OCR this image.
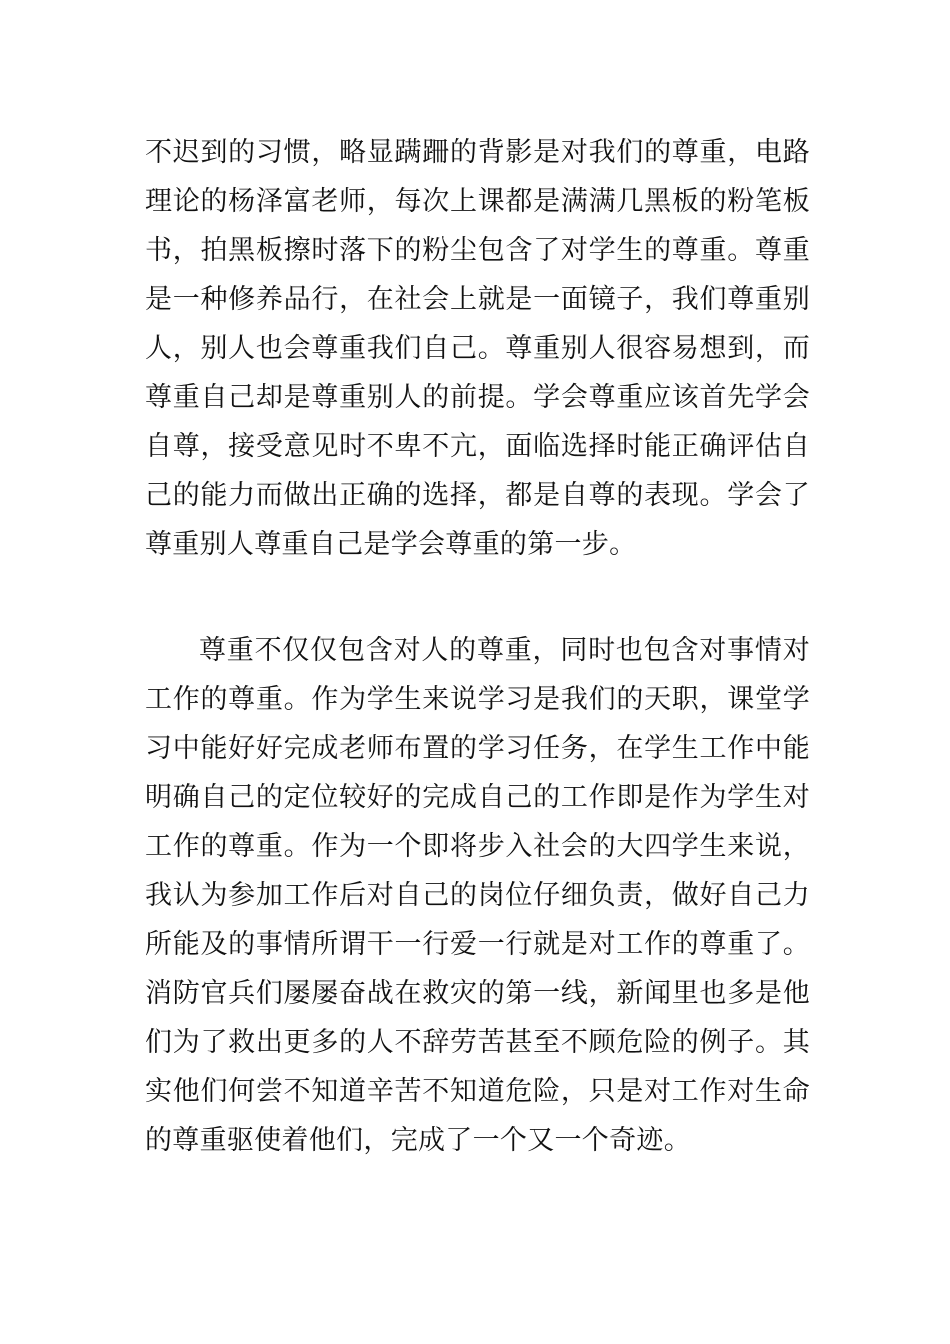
不迟到的习惯，略显蹒跚的背影是对我们的尊重，电路理论的杨泽富老师，每次上课都是满满几黑板的粉笔板书，拍黑板擦时落下的粉尘包含了对学生的尊重。尊重是一种修养品行，在社会上就是一面镜子，我们尊重别人，别人也会尊重我们自己。尊重别人很容易想到，而尊重自己却是尊重别人的前提。学会尊重应该首先学会自尊，接受意见时不卑不亢，面临选择时能正确评估自己的能力而做出正确的选择，都是自尊的表现。学会了尊重别人尊重自己是学会尊重的第一步。

尊重不仅仅包含对人的尊重，同时也包含对事情对工作的尊重。作为学生来说学习是我们的天职，课堂学习中能好好完成老师布置的学习任务，在学生工作中能明确自己的定位较好的完成自己的工作即是作为学生对工作的尊重。作为一个即将步入社会的大四学生来说，我认为参加工作后对自己的岗位仔细负责，做好自己力所能及的事情所谓干一行爱一行就是对工作的尊重了。消防官兵们屡屡奋战在救灾的第一线，新闻里也多是他们为了救出更多的人不辞劳苦甚至不顾危险的例子。其实他们何尝不知道辛苦不知道危险，只是对工作对生命的尊重驱使着他们，完成了一个又一个奇迹。
